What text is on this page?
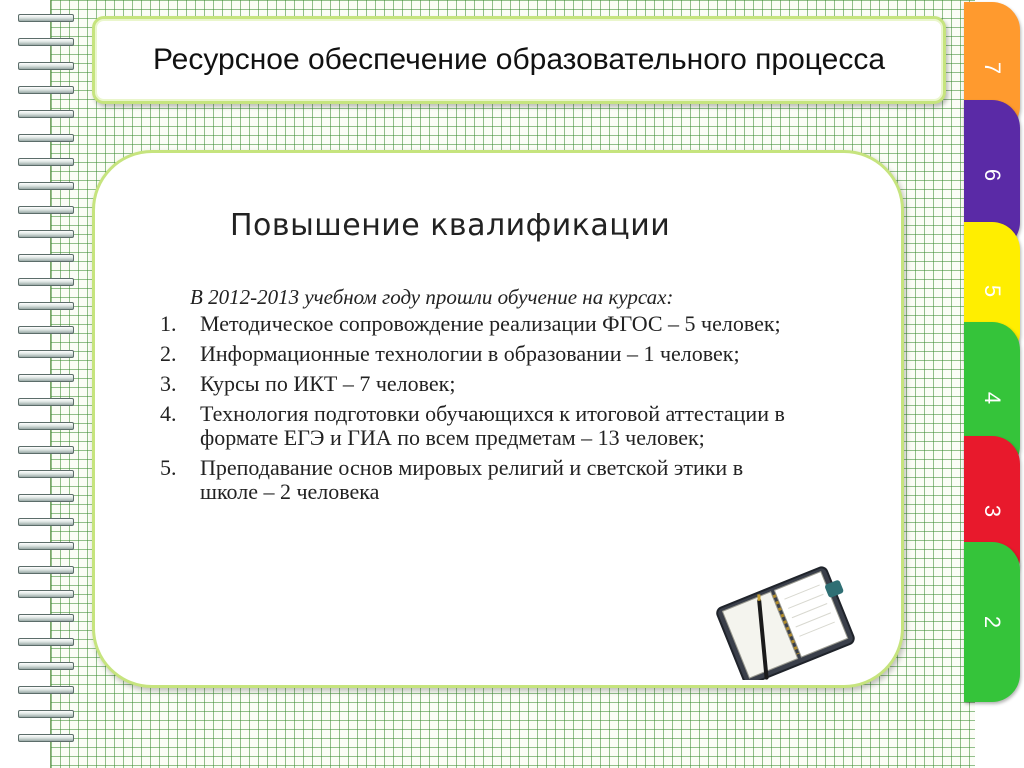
Ресурсное обеспечение образовательного процесса
Повышение квалификации
В 2012-2013 учебном году прошли обучение на курсах:
1.	Методическое сопровождение реализации ФГОС – 5 человек;
2.	Информационные технологии в образовании – 1 человек;
3.	Курсы по ИКТ – 7 человек;
4.	Технология подготовки обучающихся к итоговой аттестации в формате ЕГЭ и ГИА по всем предметам – 13 человек;
5.	Преподавание основ мировых религий и светской этики в школе – 2 человека
7
6
5
4
3
2
